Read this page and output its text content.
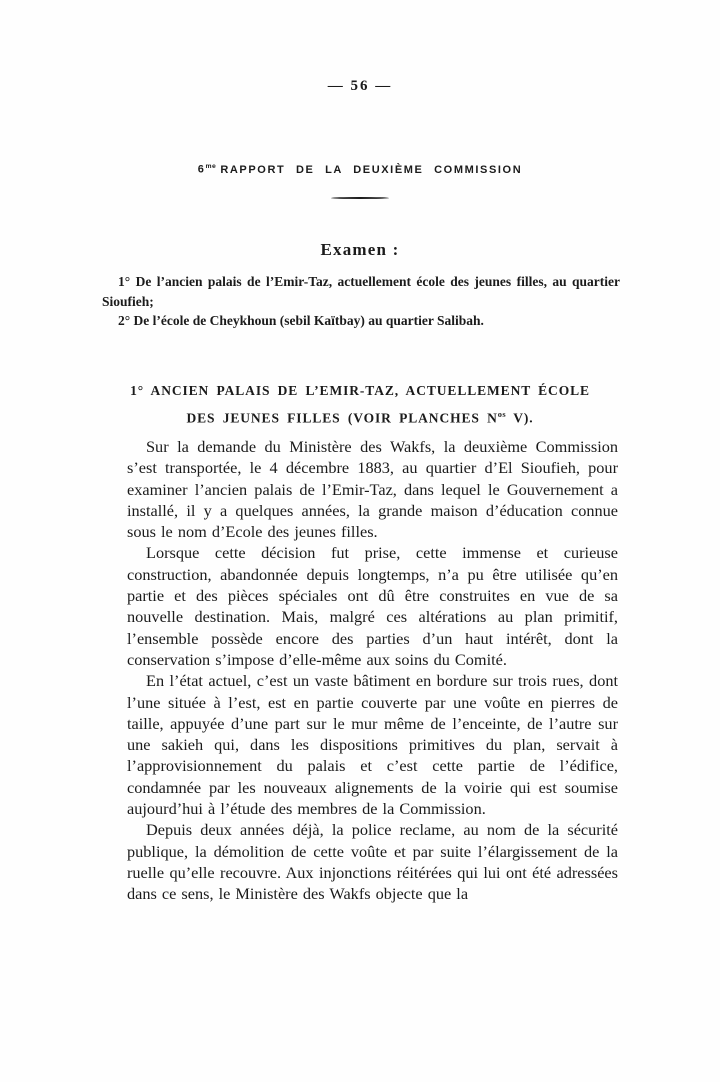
— 56 —
$6^{me}$ RAPPORT DE LA DEUXIÈME COMMISSION
Examen :

1° De l’ancien palais de l’Emir-Taz, actuellement école des jeunes filles, au quartier Sioufieh;

2° De l’école de Cheykhoun (sebil Kaïtbay) au quartier Salibah.

1° ANCIEN PALAIS DE L’EMIR-TAZ, ACTUELLEMENT ÉCOLE
DES JEUNES FILLES (VOIR PLANCHES $N^{os}$ V).

Sur la demande du Ministère des Wakfs, la deuxième Commission s’est transportée, le 4 décembre 1883, au quartier d’El Sioufieh, pour examiner l’ancien palais de l’Emir-Taz, dans lequel le Gouvernement a installé, il y a quelques années, la grande maison d’éducation connue sous le nom d’Ecole des jeunes filles.

Lorsque cette décision fut prise, cette immense et curieuse construction, abandonnée depuis longtemps, n’a pu être utilisée qu’en partie et des pièces spéciales ont dû être construites en vue de sa nouvelle destination. Mais, malgré ces altérations au plan primitif, l’ensemble possède encore des parties d’un haut intérêt, dont la conservation s’impose d’elle-même aux soins du Comité.

En l’état actuel, c’est un vaste bâtiment en bordure sur trois rues, dont l’une située à l’est, est en partie couverte par une voûte en pierres de taille, appuyée d’une part sur le mur même de l’enceinte, de l’autre sur une sakieh qui, dans les dispositions primitives du plan, servait à l’approvisionnement du palais et c’est cette partie de l’édifice, condamnée par les nouveaux alignements de la voirie qui est soumise aujourd’hui à l’étude des membres de la Commission.

Depuis deux années déjà, la police reclame, au nom de la sécurité publique, la démolition de cette voûte et par suite l’élargissement de la ruelle qu’elle recouvre. Aux injonctions réitérées qui lui ont été adressées dans ce sens, le Ministère des Wakfs objecte que la
